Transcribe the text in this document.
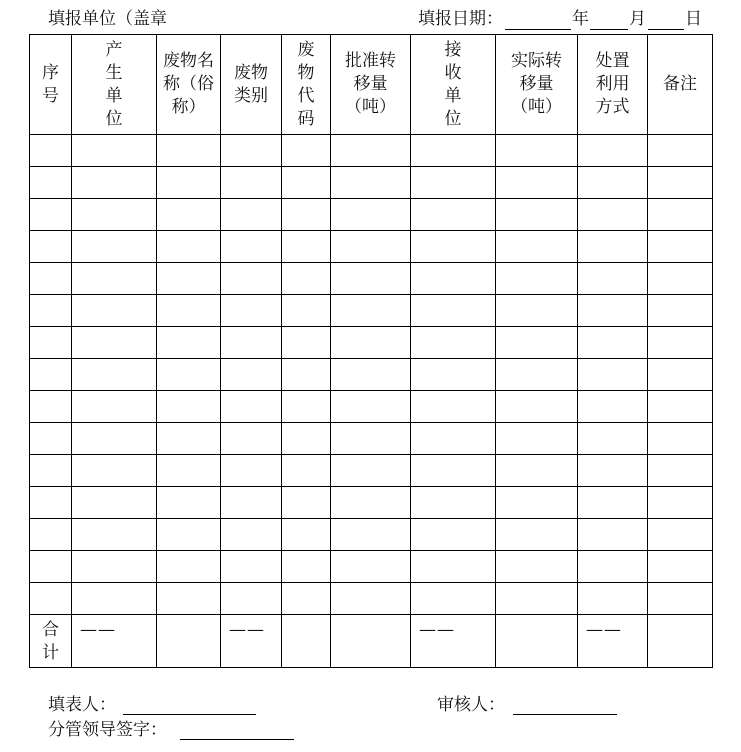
填报单位（盖章	填报日期：	年 月 日
序号	产 生 单 位	废物名称（俗称）	废物类别	废物代码	批准转移量（吨）	接 收 单 位	实际转移量（吨）	处置利用方式	备注

合计	——		——			——		——	

填表人：	审核人：
分管领导签字：
